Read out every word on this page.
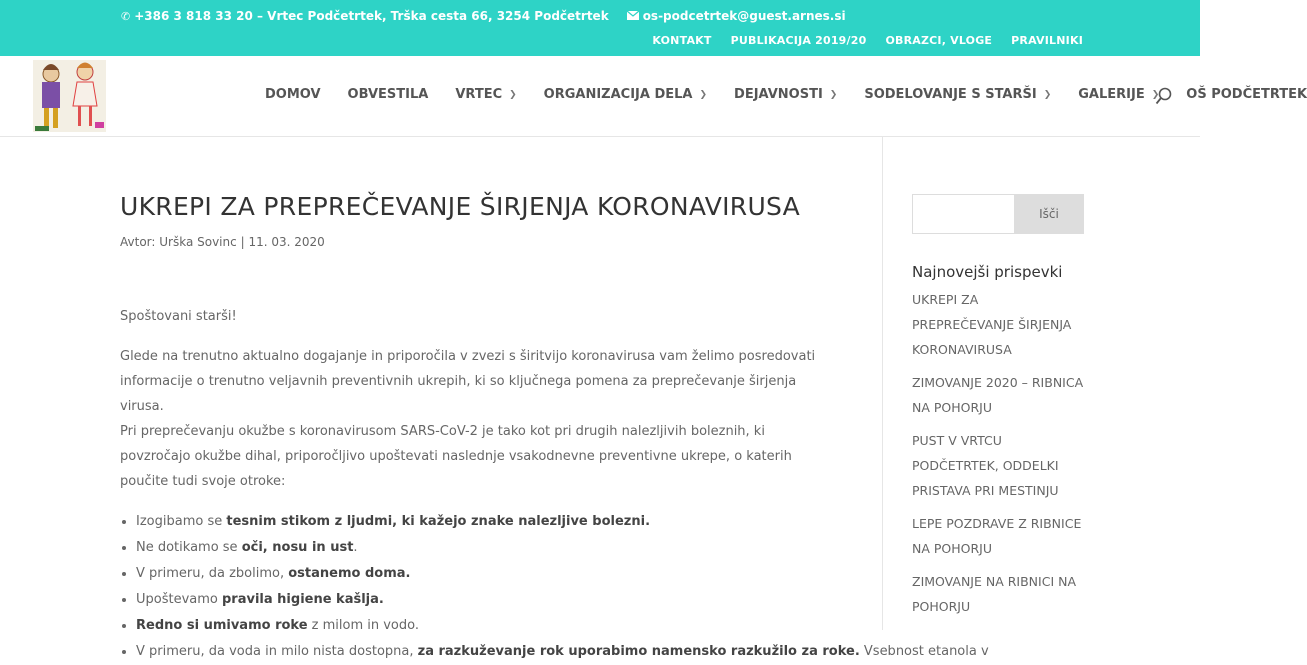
✆ +386 3 818 33 20 – Vrtec Podčetrtek, Trška cesta 66, 3254 Podčetrtek	os-podcetrtek@guest.arnes.si
KONTAKT PUBLIKACIJA 2019/20 OBRAZCI, VLOGE PRAVILNIKI
DOMOV OBVESTILA VRTEC ❯ ORGANIZACIJA DELA ❯ DEJAVNOSTI ❯ SODELOVANJE S STARŠI ❯ GALERIJE ❯ OŠ PODČETRTEK
UKREPI ZA PREPREČEVANJE ŠIRJENJA KORONAVIRUSA
Avtor: Urška Sovinc | 11. 03. 2020

Spoštovani starši!

Glede na trenutno aktualno dogajanje in priporočila v zvezi s širitvijo koronavirusa vam želimo posredovati informacije o trenutno veljavnih preventivnih ukrepih, ki so ključnega pomena za preprečevanje širjenja virusa.
Pri preprečevanju okužbe s koronavirusom SARS-CoV-2 je tako kot pri drugih nalezljivih boleznih, ki povzročajo okužbe dihal, priporočljivo upoštevati naslednje vsakodnevne preventivne ukrepe, o katerih poučite tudi svoje otroke:

• Izogibamo se tesnim stikom z ljudmi, ki kažejo znake nalezljive bolezni.
• Ne dotikamo se oči, nosu in ust.
• V primeru, da zbolimo, ostanemo doma.
• Upoštevamo pravila higiene kašlja.
• Redno si umivamo roke z milom in vodo.
• V primeru, da voda in milo nista dostopna, za razkuževanje rok uporabimo namensko razkužilo za roke. Vsebnost etanola v
Išči
Najnovejši prispevki
UKREPI ZA PREPREČEVANJE ŠIRJENJA KORONAVIRUSA
ZIMOVANJE 2020 – RIBNICA NA POHORJU
PUST V VRTCU PODČETRTEK, ODDELKI PRISTAVA PRI MESTINJU
LEPE POZDRAVE Z RIBNICE NA POHORJU
ZIMOVANJE NA RIBNICI NA POHORJU
